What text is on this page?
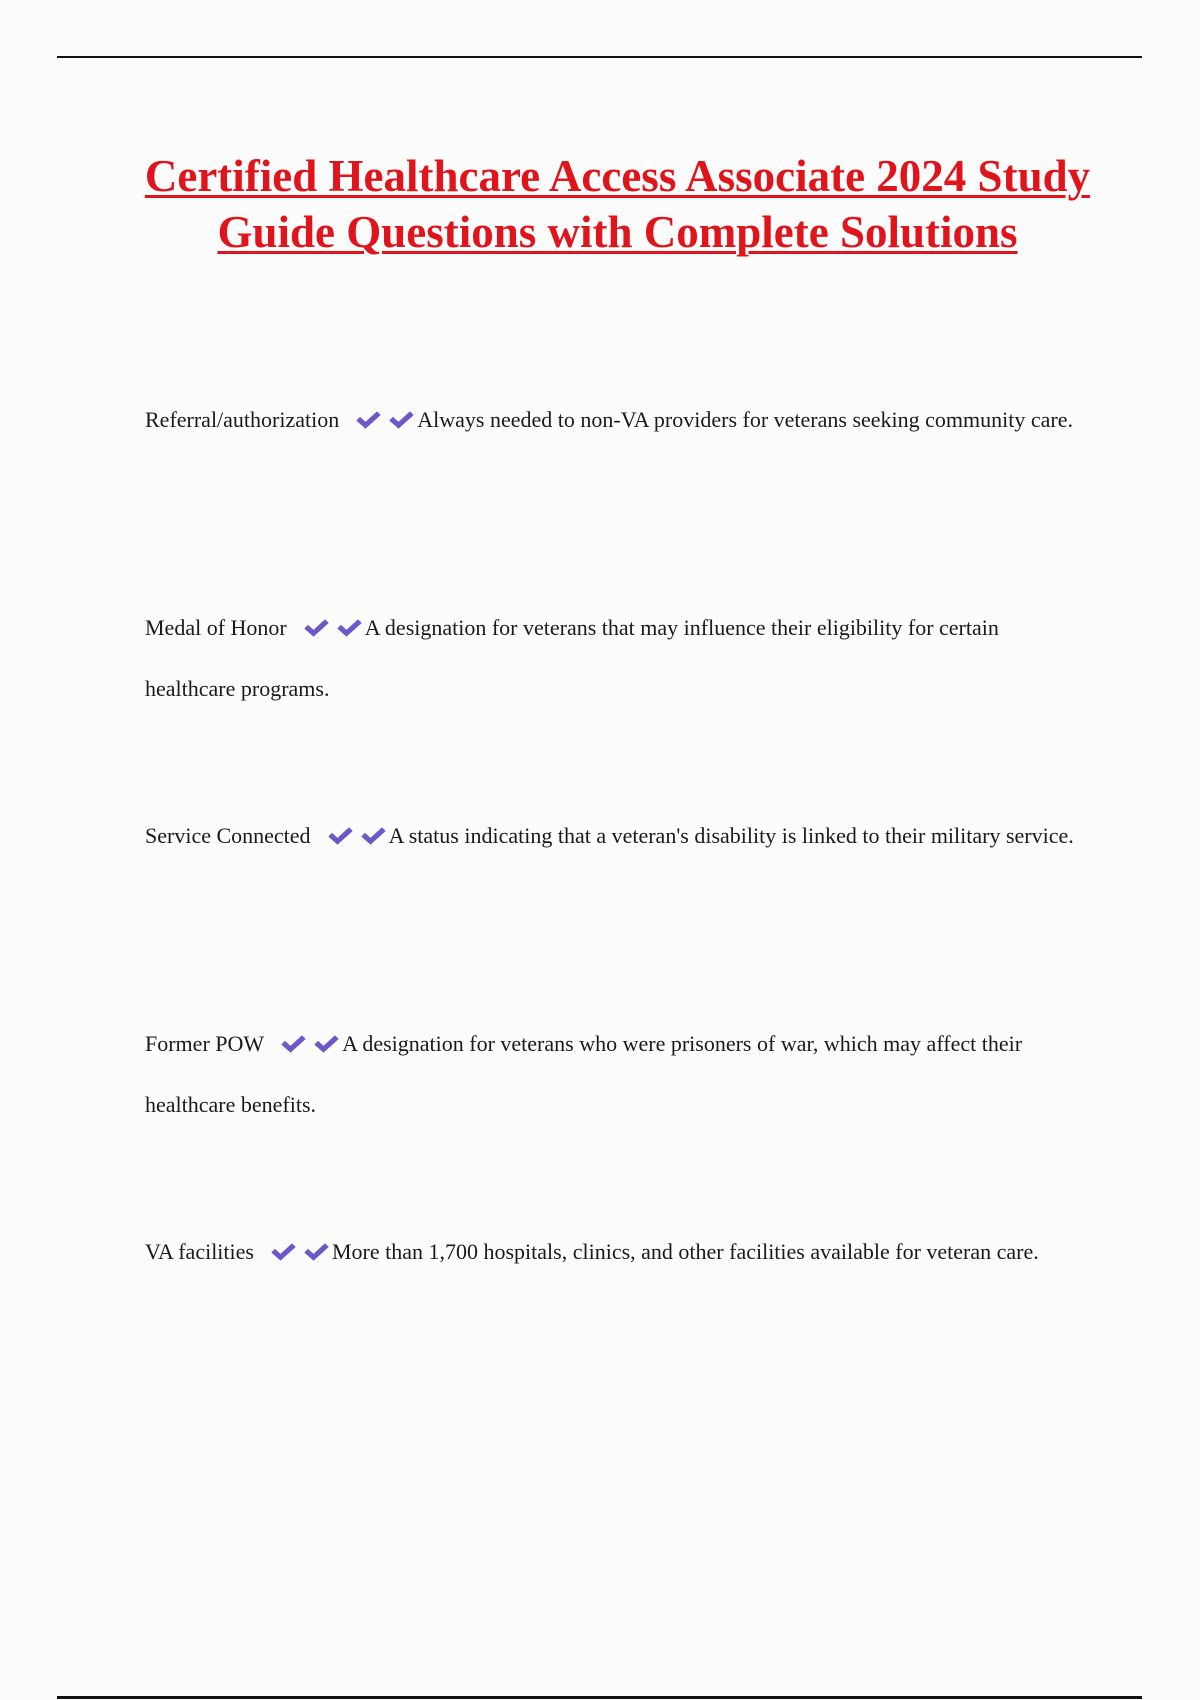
Certified Healthcare Access Associate 2024 Study Guide Questions with Complete Solutions

Referral/authorization	Always needed to non-VA providers for veterans seeking community care.

Medal of Honor	A designation for veterans that may influence their eligibility for certain healthcare programs.

Service Connected	A status indicating that a veteran's disability is linked to their military service.

Former POW	A designation for veterans who were prisoners of war, which may affect their healthcare benefits.

VA facilities	More than 1,700 hospitals, clinics, and other facilities available for veteran care.
